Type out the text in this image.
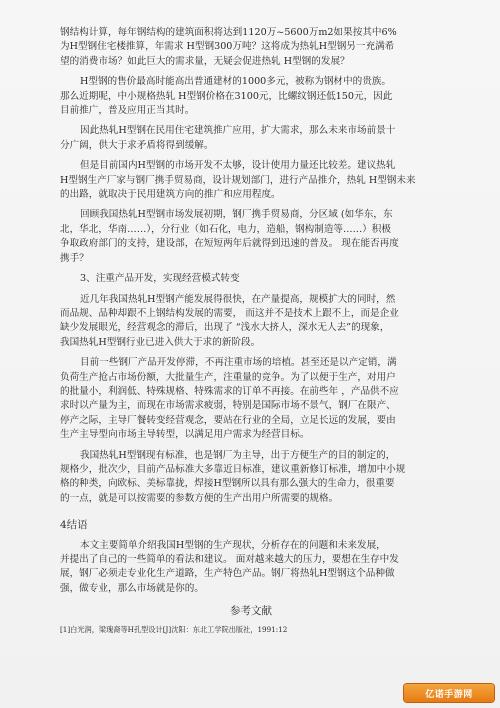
钢结构计算，每年钢结构的建筑面积将达到1120万~5600万m2如果按其中6%
为H型钢住宅楼推算，年需求 H型钢300万吨？这将成为热轧H型钢另一充满希
望的消费市场？如此巨大的需求量，无疑会促进热轧 H型钢的发展？
H型钢的售价最高时能高出普通建材的1000多元，被称为钢材中的贵族。
那么近期呢，中小规格热轧 H型钢价格在3100元，比螺纹钢还低150元，因此
目前推广，普及应用正当其时。
因此热轧H型钢在民用住宅建筑推广应用，扩大需求，那么未来市场前景十
分广阔，供大于求矛盾将得到缓解。
但是目前国内H型钢的市场开发不太够，设计使用力量还比较差。建议热轧
H型钢生产厂家与钢厂携手贸易商，设计规划部门，进行产品推介，热轧 H型钢未来
的出路，就取决于民用建筑方向的推广和应用程度。
回顾我国热轧H型钢市场发展初期，钢厂携手贸易商，分区域 (如华东，东
北，华北，华南……），分行业（如石化，电力，造船，钢构制造等……）积极
争取政府部门的支持，建设部，在短短两年后就得到迅速的普及。 现在能否再度
携手？
3、注重产品开发，实现经营模式转变
近几年我国热轧H型钢产能发展得很快，在产量提高，规模扩大的同时，然
而品规、品种却跟不上钢结构发展的需要， 而这并不是技术上跟不上，而是企业
缺少发展眼光，经营观念的滞后，出现了 “浅水大挤人，深水无人去”的现象，
我国热轧H型钢行业已进入供大于求的新阶段。
目前一些钢厂产品开发停滞，不再注重市场的培植。甚至还是以产定销，满
负荷生产抢占市场份额，大批量生产，注重量的竞争。为了以便于生产，对用户
的批量小，利润低、特殊规格、特殊需求的订单不再接。在前些年 ，产品供不应
求时以产量为主，而现在市场需求疲弱，特别是国际市场不景气，钢厂在限产、
停产之际，主导厂餐转变经营观念，要站在行业的全局，立足长远的发展，要由
生产主导型向市场主导转型，以满足用户需求为经营目标。
我国热轧H型钢现有标准，也是钢厂为主导，出于方便生产的目的制定的，
规格少，批次少，目前产品标准大多靠近日标准，建议重新修订标准，增加中小规
格的种类，向欧标、美标靠拢，焊接H型钢所以具有那么强大的生命力，很重要
的一点，就是可以按需要的参数方便的生产出用户所需要的规格。
4结语
本文主要简单介绍我国H型钢的生产现状，分析存在的问题和未来发展，
并提出了自己的一些简单的看法和建议。 面对越来越大的压力，要想在生存中发
展，钢厂必须走专业化生产道路，生产特色产品。钢厂将热轧H型钢这个品种做
强，做专业，那么市场就是你的。
参考文献
[1]白光润，梁瑰裔等H孔型设计[J]沈阳：东北工学院出版社，1991:12
亿诺手游网
